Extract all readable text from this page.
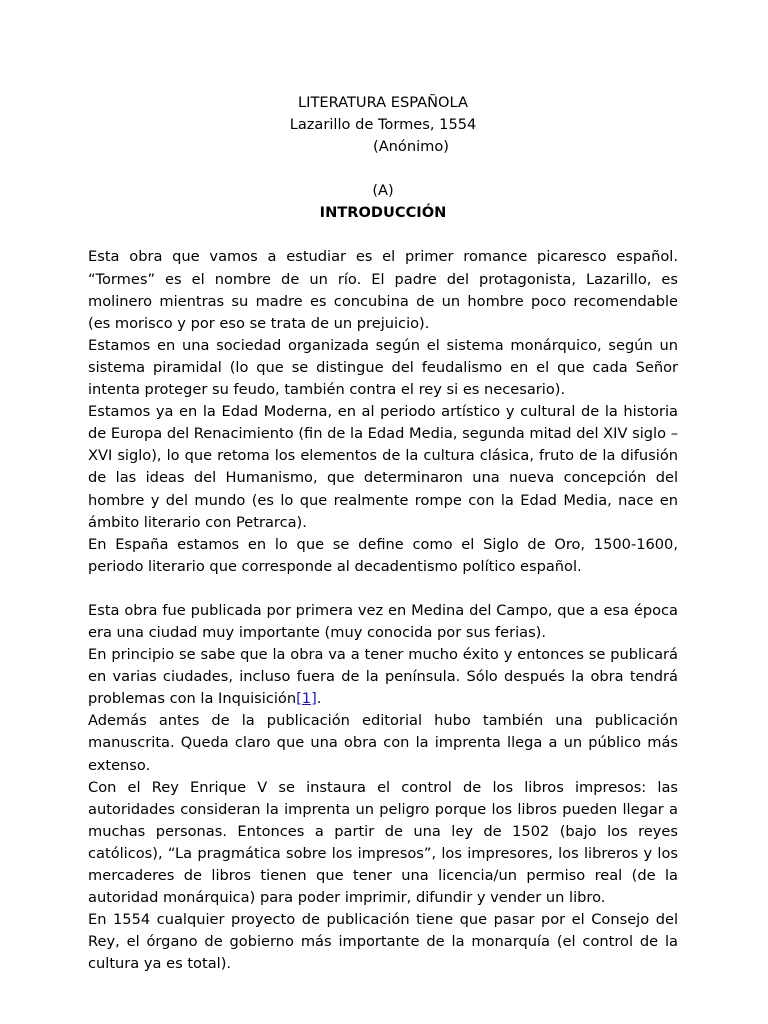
LITERATURA ESPAÑOLA
Lazarillo de Tormes, 1554
(Anónimo)
(A)
INTRODUCCIÓN

Esta obra que vamos a estudiar es el primer romance picaresco español. “Tormes” es el nombre de un río. El padre del protagonista, Lazarillo, es molinero mientras su madre es concubina de un hombre poco recomendable (es morisco y por eso se trata de un prejuicio).

Estamos en una sociedad organizada según el sistema monárquico, según un sistema piramidal (lo que se distingue del feudalismo en el que cada Señor intenta proteger su feudo, también contra el rey si es necesario).

Estamos ya en la Edad Moderna, en al periodo artístico y cultural de la historia de Europa del Renacimiento (fin de la Edad Media, segunda mitad del XIV siglo – XVI siglo), lo que retoma los elementos de la cultura clásica, fruto de la difusión de las ideas del Humanismo, que determinaron una nueva concepción del hombre y del mundo (es lo que realmente rompe con la Edad Media, nace en ámbito literario con Petrarca).

En España estamos en lo que se define como el Siglo de Oro, 1500-1600, periodo literario que corresponde al decadentismo político español.

Esta obra fue publicada por primera vez en Medina del Campo, que a esa época era una ciudad muy importante (muy conocida por sus ferias).

En principio se sabe que la obra va a tener mucho éxito y entonces se publicará en varias ciudades, incluso fuera de la península. Sólo después la obra tendrá problemas con la Inquisición[1].

Además antes de la publicación editorial hubo también una publicación manuscrita. Queda claro que una obra con la imprenta llega a un público más extenso.

Con el Rey Enrique V se instaura el control de los libros impresos: las autoridades consideran la imprenta un peligro porque los libros pueden llegar a muchas personas. Entonces a partir de una ley de 1502 (bajo los reyes católicos), “La pragmática sobre los impresos”, los impresores, los libreros y los mercaderes de libros tienen que tener una licencia/un permiso real (de la autoridad monárquica) para poder imprimir, difundir y vender un libro.

En 1554 cualquier proyecto de publicación tiene que pasar por el Consejo del Rey, el órgano de gobierno más importante de la monarquía (el control de la cultura ya es total).
